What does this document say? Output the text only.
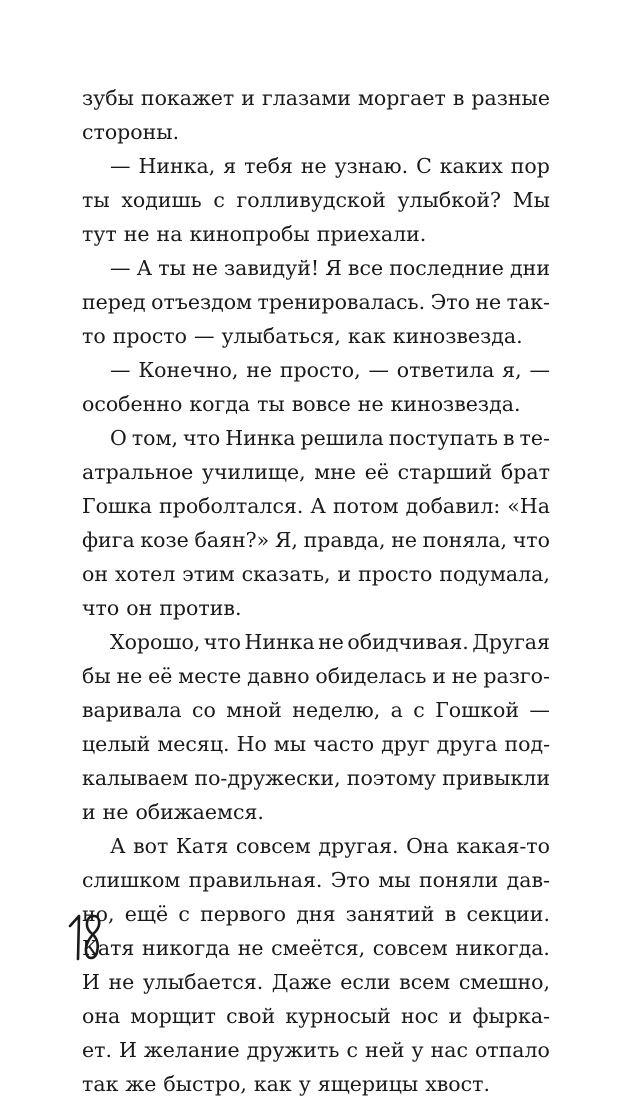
зубы покажет и глазами моргает в разные
стороны.
— Нинка, я тебя не узнаю. С каких пор
ты ходишь с голливудской улыбкой? Мы
тут не на кинопробы приехали.
— А ты не завидуй! Я все последние дни
перед отъездом тренировалась. Это не так-
то просто — улыбаться, как кинозвезда.
— Конечно, не просто, — ответила я, —
особенно когда ты вовсе не кинозвезда.
О том, что Нинка решила поступать в те-
атральное училище, мне её старший брат
Гошка проболтался. А потом добавил: «На
фига козе баян?» Я, правда, не поняла, что
он хотел этим сказать, и просто подумала,
что он против.
Хорошо, что Нинка не обидчивая. Другая
бы не её месте давно обиделась и не разго-
варивала со мной неделю, а с Гошкой —
целый месяц. Но мы часто друг друга под-
калываем по-дружески, поэтому привыкли
и не обижаемся.
А вот Катя совсем другая. Она какая-то
слишком правильная. Это мы поняли дав-
но, ещё с первого дня занятий в секции.
Катя никогда не смеётся, совсем никогда.
И не улыбается. Даже если всем смешно,
она морщит свой курносый нос и фырка-
ет. И желание дружить с ней у нас отпало
так же быстро, как у ящерицы хвост.
